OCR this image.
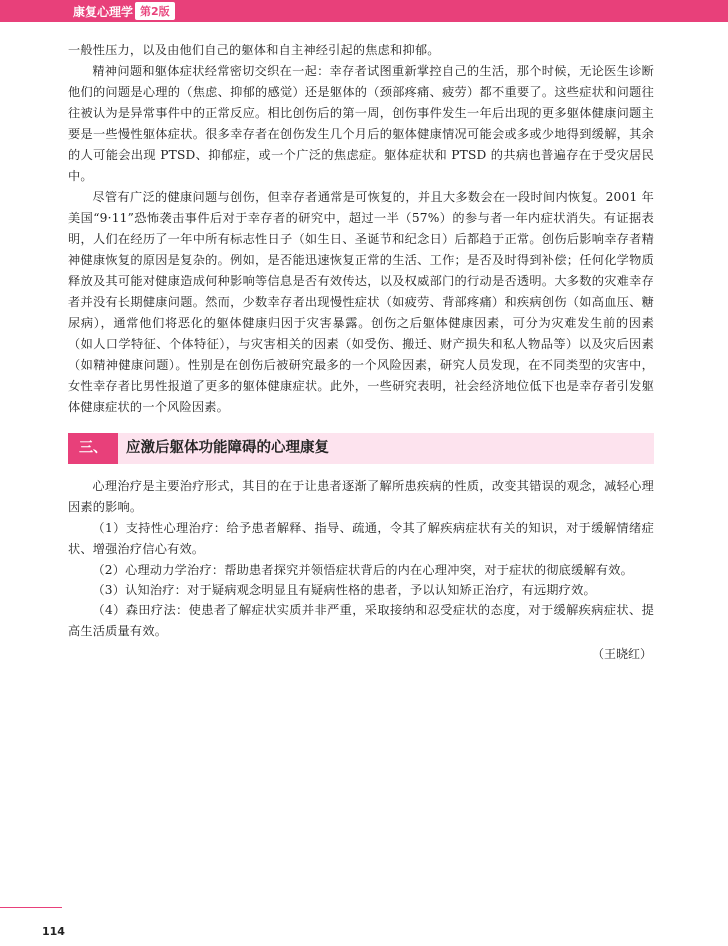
康复心理学 第2版

一般性压力，以及由他们自己的躯体和自主神经引起的焦虑和抑郁。

精神问题和躯体症状经常密切交织在一起：幸存者试图重新掌控自己的生活，那个时候，无论医生诊断他们的问题是心理的（焦虑、抑郁的感觉）还是躯体的（颈部疼痛、疲劳）都不重要了。这些症状和问题往往被认为是异常事件中的正常反应。相比创伤后的第一周，创伤事件发生一年后出现的更多躯体健康问题主要是一些慢性躯体症状。很多幸存者在创伤发生几个月后的躯体健康情况可能会或多或少地得到缓解，其余的人可能会出现 PTSD、抑郁症，或一个广泛的焦虑症。躯体症状和 PTSD 的共病也普遍存在于受灾居民中。

尽管有广泛的健康问题与创伤，但幸存者通常是可恢复的，并且大多数会在一段时间内恢复。2001 年美国“9·11”恐怖袭击事件后对于幸存者的研究中，超过一半（57%）的参与者一年内症状消失。有证据表明，人们在经历了一年中所有标志性日子（如生日、圣诞节和纪念日）后都趋于正常。创伤后影响幸存者精神健康恢复的原因是复杂的。例如，是否能迅速恢复正常的生活、工作；是否及时得到补偿；任何化学物质释放及其可能对健康造成何种影响等信息是否有效传达，以及权威部门的行动是否透明。大多数的灾难幸存者并没有长期健康问题。然而，少数幸存者出现慢性症状（如疲劳、背部疼痛）和疾病创伤（如高血压、糖尿病），通常他们将恶化的躯体健康归因于灾害暴露。创伤之后躯体健康因素，可分为灾难发生前的因素（如人口学特征、个体特征），与灾害相关的因素（如受伤、搬迁、财产损失和私人物品等）以及灾后因素（如精神健康问题）。性别是在创伤后被研究最多的一个风险因素，研究人员发现，在不同类型的灾害中，女性幸存者比男性报道了更多的躯体健康症状。此外，一些研究表明，社会经济地位低下也是幸存者引发躯体健康症状的一个风险因素。

三、	应激后躯体功能障碍的心理康复

心理治疗是主要治疗形式，其目的在于让患者逐渐了解所患疾病的性质，改变其错误的观念，减轻心理因素的影响。

（1）支持性心理治疗：给予患者解释、指导、疏通，令其了解疾病症状有关的知识，对于缓解情绪症状、增强治疗信心有效。

（2）心理动力学治疗：帮助患者探究并领悟症状背后的内在心理冲突，对于症状的彻底缓解有效。

（3）认知治疗：对于疑病观念明显且有疑病性格的患者，予以认知矫正治疗，有远期疗效。

（4）森田疗法：使患者了解症状实质并非严重，采取接纳和忍受症状的态度，对于缓解疾病症状、提高生活质量有效。

（王晓红）
114
